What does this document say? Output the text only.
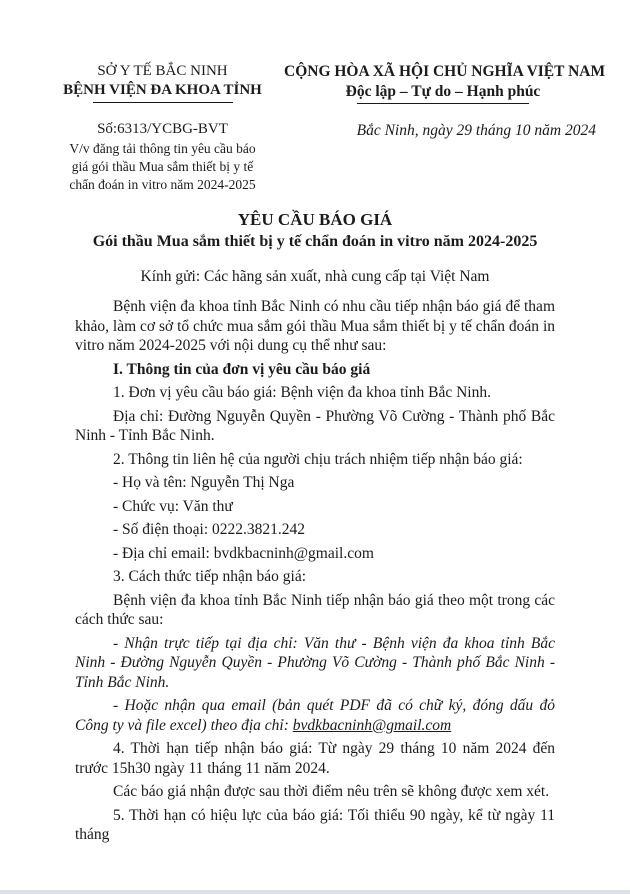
SỞ Y TẾ BẮC NINH
BỆNH VIỆN ĐA KHOA TỈNH
Số:6313/YCBG-BVT
V/v đăng tải thông tin yêu cầu báo
giá gói thầu Mua sắm thiết bị y tế
chẩn đoán in vitro năm 2024-2025
CỘNG HÒA XÃ HỘI CHỦ NGHĨA VIỆT NAM
Độc lập – Tự do – Hạnh phúc
Bắc Ninh, ngày 29 tháng 10 năm 2024
YÊU CẦU BÁO GIÁ
Gói thầu Mua sắm thiết bị y tế chẩn đoán in vitro năm 2024-2025
Kính gửi: Các hãng sản xuất, nhà cung cấp tại Việt Nam

Bệnh viện đa khoa tỉnh Bắc Ninh có nhu cầu tiếp nhận báo giá để tham khảo, làm cơ sở tổ chức mua sắm gói thầu Mua sắm thiết bị y tế chẩn đoán in vitro năm 2024-2025 với nội dung cụ thể như sau:

I. Thông tin của đơn vị yêu cầu báo giá

1. Đơn vị yêu cầu báo giá: Bệnh viện đa khoa tỉnh Bắc Ninh.

Địa chỉ: Đường Nguyễn Quyền - Phường Võ Cường - Thành phố Bắc Ninh - Tỉnh Bắc Ninh.

2. Thông tin liên hệ của người chịu trách nhiệm tiếp nhận báo giá:

- Họ và tên: Nguyễn Thị Nga

- Chức vụ: Văn thư

- Số điện thoại: 0222.3821.242

- Địa chỉ email: bvdkbacninh@gmail.com

3. Cách thức tiếp nhận báo giá:

Bệnh viện đa khoa tỉnh Bắc Ninh tiếp nhận báo giá theo một trong các cách thức sau:

- Nhận trực tiếp tại địa chỉ: Văn thư - Bệnh viện đa khoa tỉnh Bắc Ninh - Đường Nguyễn Quyền - Phường Võ Cường - Thành phố Bắc Ninh - Tỉnh Bắc Ninh.

- Hoặc nhận qua email (bản quét PDF đã có chữ ký, đóng dấu đỏ Công ty và file excel) theo địa chỉ: bvdkbacninh@gmail.com

4. Thời hạn tiếp nhận báo giá: Từ ngày 29 tháng 10 năm 2024 đến trước 15h30 ngày 11 tháng 11 năm 2024.

Các báo giá nhận được sau thời điểm nêu trên sẽ không được xem xét.

5. Thời hạn có hiệu lực của báo giá: Tối thiểu 90 ngày, kể từ ngày 11 tháng
